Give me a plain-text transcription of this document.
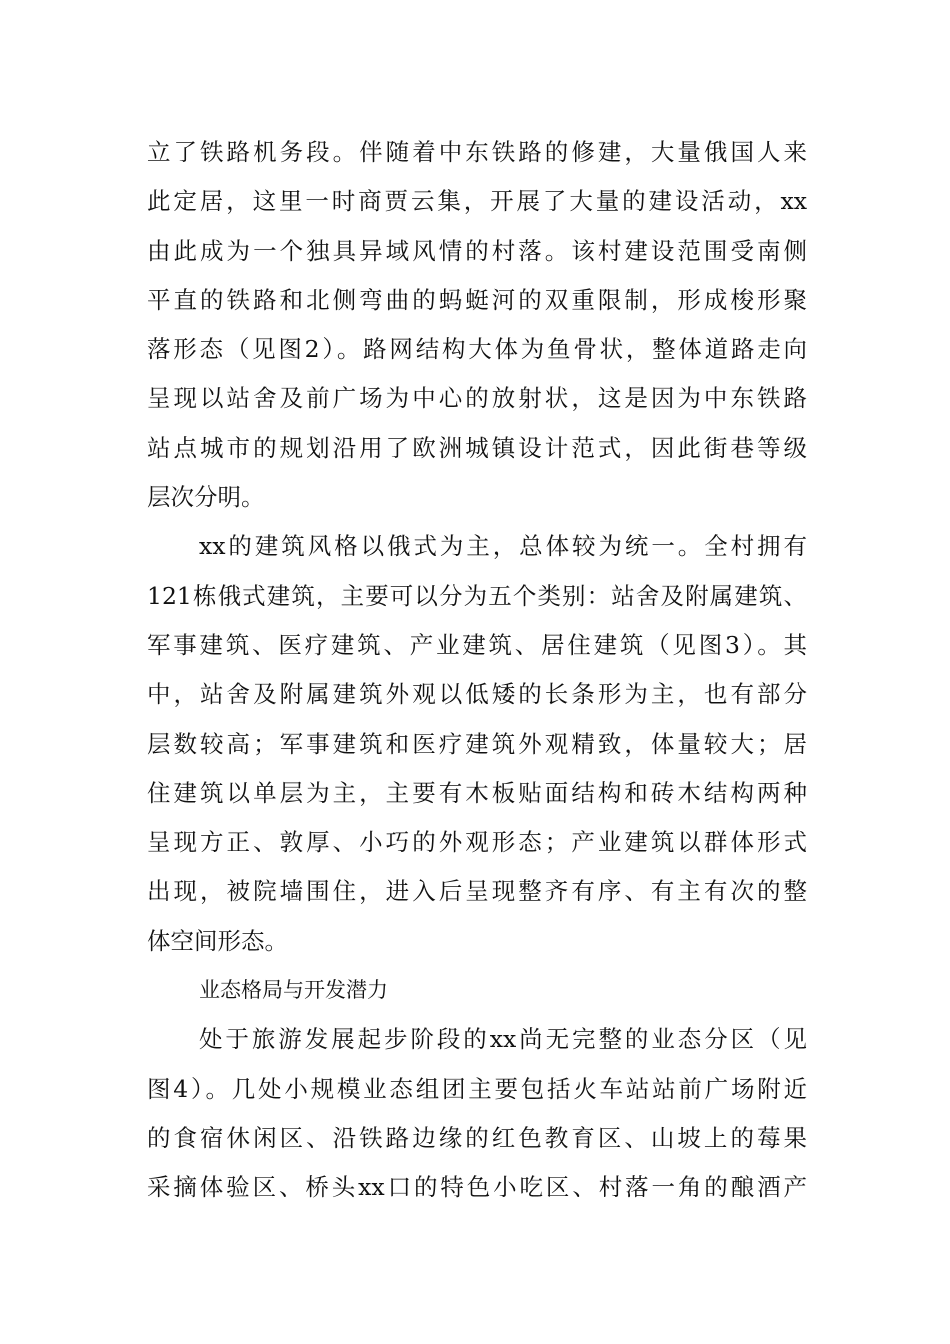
立了铁路机务段。伴随着中东铁路的修建，大量俄国人来
此定居，这里一时商贾云集，开展了大量的建设活动，xx
由此成为一个独具异域风情的村落。该村建设范围受南侧
平直的铁路和北侧弯曲的蚂蜓河的双重限制，形成梭形聚
落形态（见图2）。路网结构大体为鱼骨状，整体道路走向
呈现以站舍及前广场为中心的放射状，这是因为中东铁路
站点城市的规划沿用了欧洲城镇设计范式，因此街巷等级
层次分明。
xx的建筑风格以俄式为主，总体较为统一。全村拥有
121栋俄式建筑，主要可以分为五个类别：站舍及附属建筑、
军事建筑、医疗建筑、产业建筑、居住建筑（见图3）。其
中，站舍及附属建筑外观以低矮的长条形为主，也有部分
层数较高；军事建筑和医疗建筑外观精致，体量较大；居
住建筑以单层为主，主要有木板贴面结构和砖木结构两种
呈现方正、敦厚、小巧的外观形态；产业建筑以群体形式
出现，被院墙围住，进入后呈现整齐有序、有主有次的整
体空间形态。
业态格局与开发潜力
处于旅游发展起步阶段的xx尚无完整的业态分区（见
图4）。几处小规模业态组团主要包括火车站站前广场附近
的食宿休闲区、沿铁路边缘的红色教育区、山坡上的莓果
采摘体验区、桥头xx口的特色小吃区、村落一角的酿酒产
